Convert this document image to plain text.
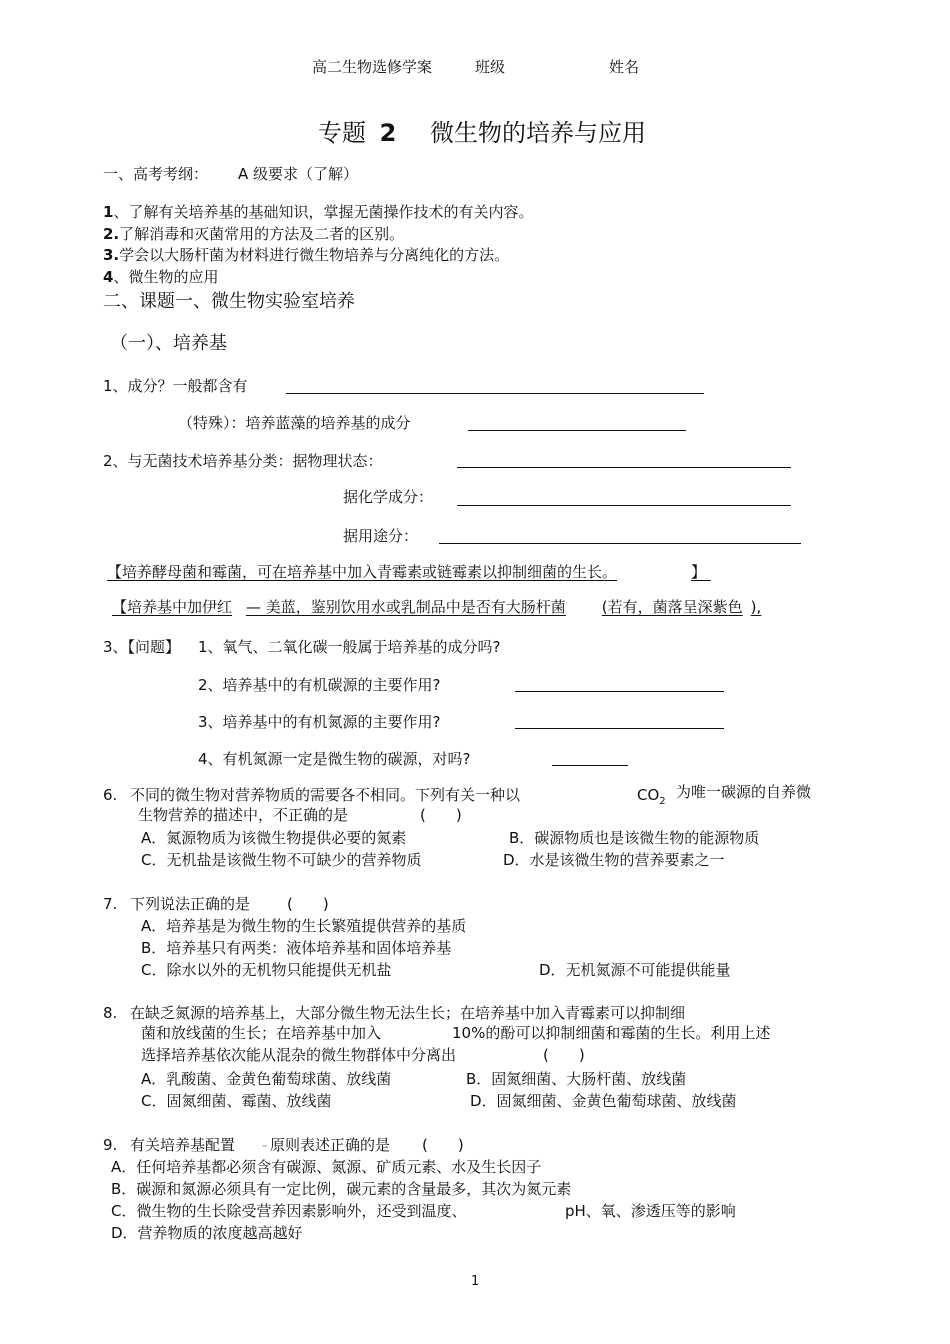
高二生物选修学案	班级	姓名
专题 2 微生物的培养与应用
一、高考考纲： A 级要求（了解）
1、了解有关培养基的基础知识，掌握无菌操作技术的有关内容。
2.了解消毒和灭菌常用的方法及二者的区别。
3.学会以大肠杆菌为材料进行微生物培养与分离纯化的方法。
4、微生物的应用
二、课题一、微生物实验室培养
（一）、培养基
1、成分？一般都含有
（特殊）：培养蓝藻的培养基的成分
2、与无菌技术培养基分类：据物理状态：
据化学成分：
据用途分：
【培养酵母菌和霉菌，可在培养基中加入青霉素或链霉素以抑制细菌的生长。	】
【培养基中加伊红 — 美蓝，鉴别饮用水或乳制品中是否有大肠杆菌 (若有，菌落呈深紫色 ),
3、【问题】 1、氧气、二氧化碳一般属于培养基的成分吗?
2、培养基中的有机碳源的主要作用?
3、培养基中的有机氮源的主要作用?
4、有机氮源一定是微生物的碳源，对吗?
6. 不同的微生物对营养物质的需要各不相同。下列有关一种以	$CO_2$
为唯一碳源的自养微
生物营养的描述中，不正确的是	(　　)
A．氮源物质为该微生物提供必要的氮素	B．碳源物质也是该微生物的能源物质
C．无机盐是该微生物不可缺少的营养物质	D．水是该微生物的营养要素之一
7. 下列说法正确的是 (　　)
A．培养基是为微生物的生长繁殖提供营养的基质
B．培养基只有两类：液体培养基和固体培养基
C．除水以外的无机物只能提供无机盐	D．无机氮源不可能提供能量
8. 在缺乏氮源的培养基上，大部分微生物无法生长；在培养基中加入青霉素可以抑制细
菌和放线菌的生长；在培养基中加入	10%的酚可以抑制细菌和霉菌的生长。利用上述
选择培养基依次能从混杂的微生物群体中分离出	(　　)
A．乳酸菌、金黄色葡萄球菌、放线菌	B．固氮细菌、大肠杆菌、放线菌
C．固氮细菌、霉菌、放线菌	D．固氮细菌、金黄色葡萄球菌、放线菌
9. 有关培养基配置 - 原则表述正确的是 (　　)
A．任何培养基都必须含有碳源、氮源、矿质元素、水及生长因子
B．碳源和氮源必须具有一定比例，碳元素的含量最多，其次为氮元素
C．微生物的生长除受营养因素影响外，还受到温度、	pH、氧、渗透压等的影响
D．营养物质的浓度越高越好
1
